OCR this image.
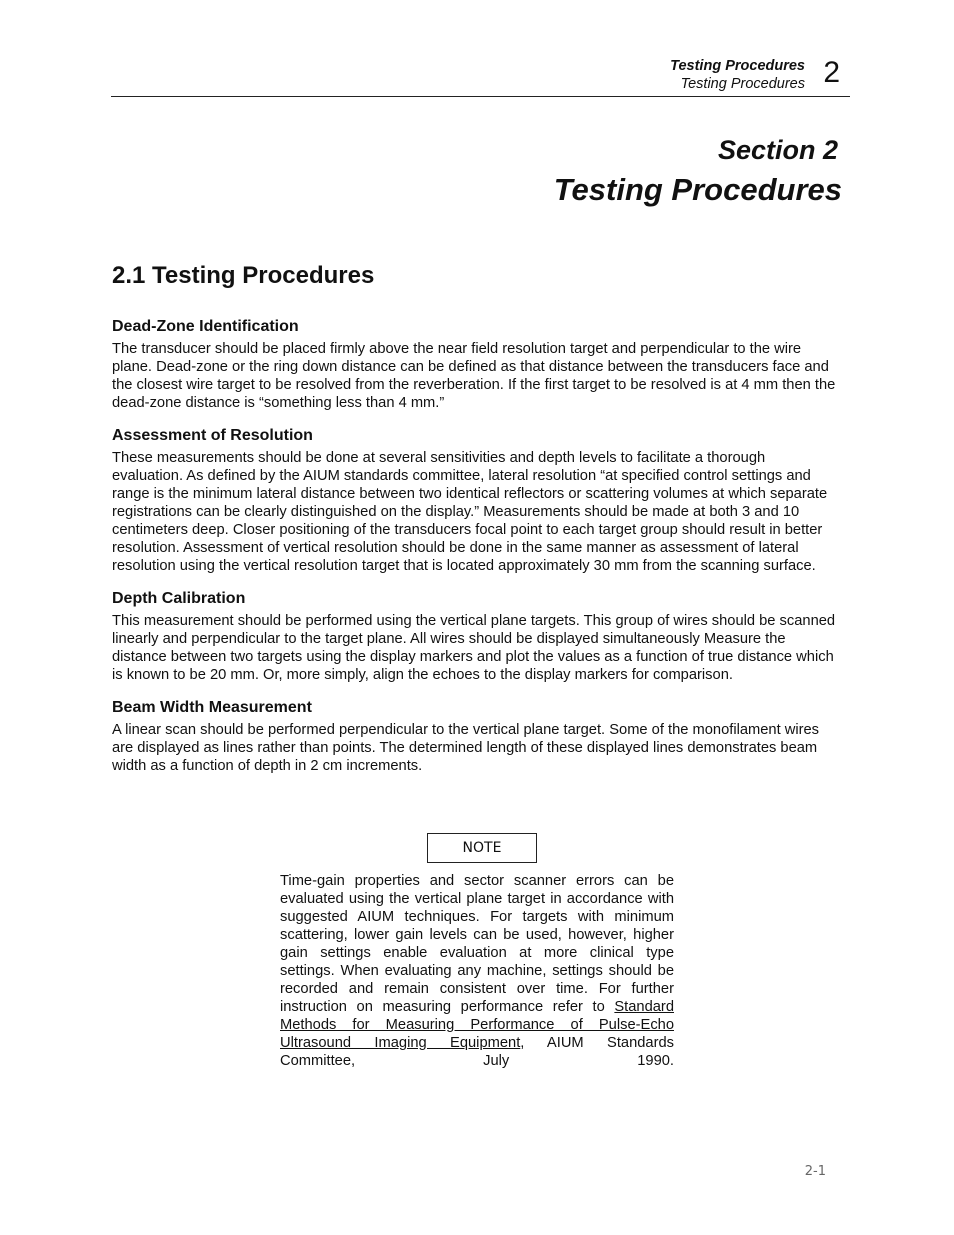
Testing Procedures
Testing Procedures 2
Section 2
Testing Procedures
2.1 Testing Procedures
Dead-Zone Identification

The transducer should be placed firmly above the near field resolution target and perpendicular to the wire plane. Dead-zone or the ring down distance can be defined as that distance between the transducers face and the closest wire target to be resolved from the reverberation. If the first target to be resolved is at 4 mm then the dead-zone distance is “something less than 4 mm.”

Assessment of Resolution

These measurements should be done at several sensitivities and depth levels to facilitate a thorough evaluation. As defined by the AIUM standards committee, lateral resolution “at specified control settings and range is the minimum lateral distance between two identical reflectors or scattering volumes at which separate registrations can be clearly distinguished on the display.” Measurements should be made at both 3 and 10 centimeters deep. Closer positioning of the transducers focal point to each target group should result in better resolution. Assessment of vertical resolution should be done in the same manner as assessment of lateral resolution using the vertical resolution target that is located approximately 30 mm from the scanning surface.

Depth Calibration

This measurement should be performed using the vertical plane targets. This group of wires should be scanned linearly and perpendicular to the target plane. All wires should be displayed simultaneously Measure the distance between two targets using the display markers and plot the values as a function of true distance which is known to be 20 mm. Or, more simply, align the echoes to the display markers for comparison.

Beam Width Measurement

A linear scan should be performed perpendicular to the vertical plane target. Some of the monofilament wires are displayed as lines rather than points. The determined length of these displayed lines demonstrates beam width as a function of depth in 2 cm increments.

NOTE
Time-gain properties and sector scanner errors can be evaluated using the vertical plane target in accordance with suggested AIUM techniques. For targets with minimum scattering, lower gain levels can be used, however, higher gain settings enable evaluation at more clinical type settings. When evaluating any machine, settings should be recorded and remain consistent over time. For further instruction on measuring performance refer to Standard Methods for Measuring Performance of Pulse-Echo Ultrasound Imaging Equipment, AIUM Standards Committee, July 1990.
2-1
